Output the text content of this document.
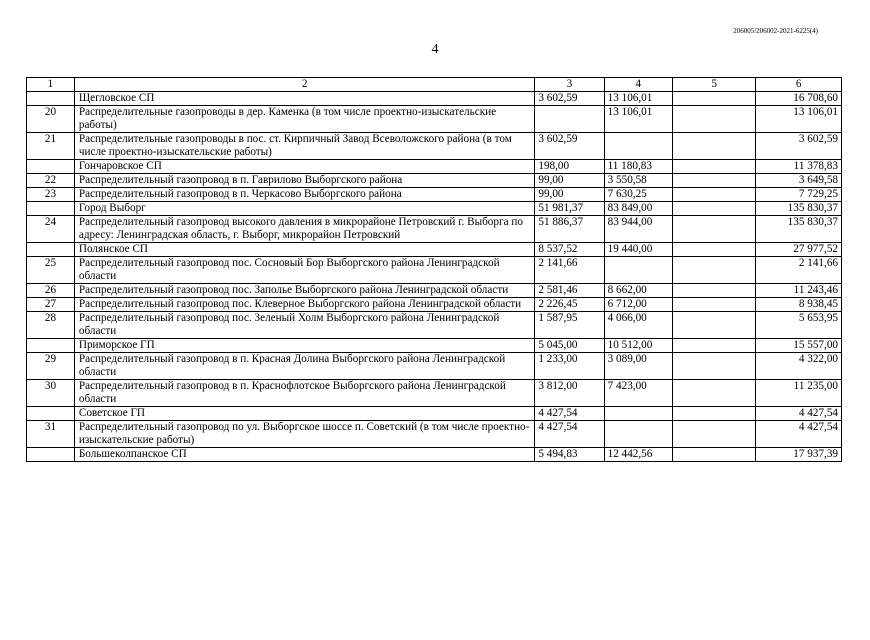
206005/206002-2021-6225(4)
4
1	2	3	4	5	6
	Щегловское СП	3 602,59	13 106,01		16 708,60
20	Распределительные газопроводы в дер. Каменка (в том числе проектно-изыскательские работы)		13 106,01		13 106,01
21	Распределительные газопроводы в пос. ст. Кирпичный Завод Всеволожского района (в том числе проектно-изыскательские работы)	3 602,59			3 602,59
	Гончаровское СП	198,00	11 180,83		11 378,83
22	Распределительный газопровод в п. Гаврилово Выборгского района	99,00	3 550,58		3 649,58
23	Распределительный газопровод в п. Черкасово Выборгского района	99,00	7 630,25		7 729,25
	Город Выборг	51 981,37	83 849,00		135 830,37
24	Распределительный газопровод высокого давления в микрорайоне Петровский г. Выборга по адресу: Ленинградская область, г. Выборг, микрорайон Петровский	51 886,37	83 944,00		135 830,37
	Полянское СП	8 537,52	19 440,00		27 977,52
25	Распределительный газопровод пос. Сосновый Бор Выборгского района Ленинградской области	2 141,66			2 141,66
26	Распределительный газопровод пос. Заполье Выборгского района Ленинградской области	2 581,46	8 662,00		11 243,46
27	Распределительный газопровод пос. Клеверное Выборгского района Ленинградской области	2 226,45	6 712,00		8 938,45
28	Распределительный газопровод пос. Зеленый Холм Выборгского района Ленинградской области	1 587,95	4 066,00		5 653,95
	Приморское ГП	5 045,00	10 512,00		15 557,00
29	Распределительный газопровод в п. Красная Долина Выборгского района Ленинградской области	1 233,00	3 089,00		4 322,00
30	Распределительный газопровод в п. Краснофлотское Выборгского района Ленинградской области	3 812,00	7 423,00		11 235,00
	Советское ГП	4 427,54			4 427,54
31	Распределительный газопровод по ул. Выборгское шоссе п. Советский (в том числе проектно-изыскательские работы)	4 427,54			4 427,54
	Большеколпанское СП	5 494,83	12 442,56		17 937,39
